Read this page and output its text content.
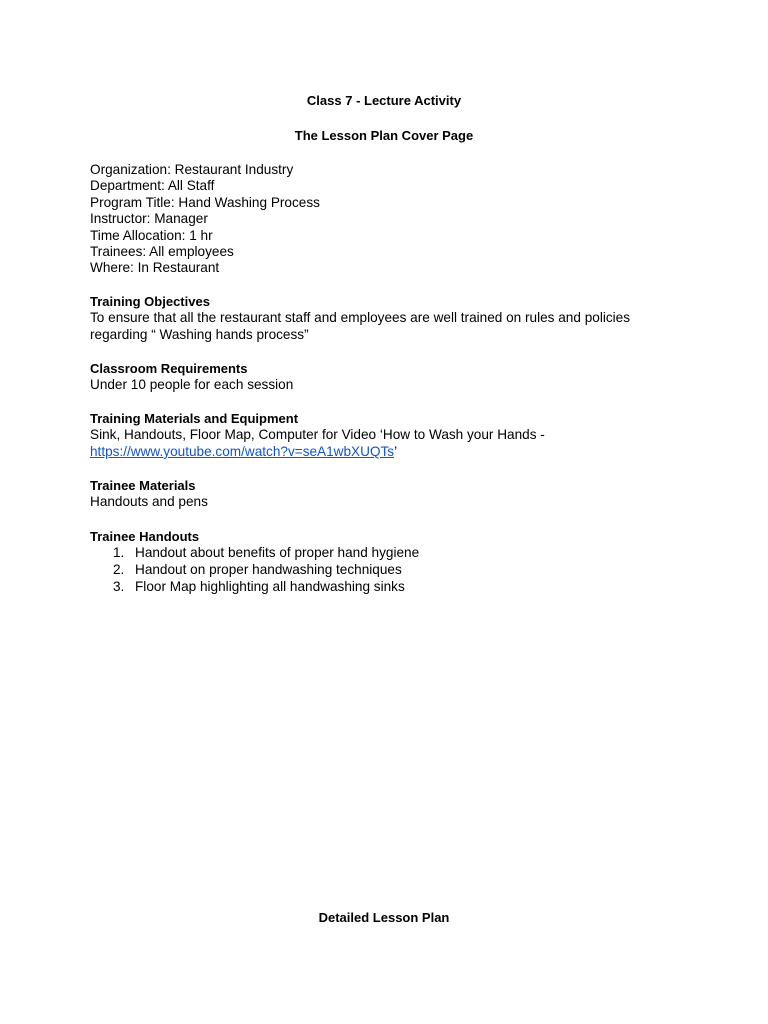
Class 7 - Lecture Activity
The Lesson Plan Cover Page
Organization: Restaurant Industry
Department: All Staff
Program Title: Hand Washing Process
Instructor: Manager
Time Allocation: 1 hr
Trainees: All employees
Where: In Restaurant
Training Objectives
To ensure that all the restaurant staff and employees are well trained on rules and policies
regarding “ Washing hands process”
Classroom Requirements
Under 10 people for each session
Training Materials and Equipment
Sink, Handouts, Floor Map, Computer for Video ‘How to Wash your Hands -
https://www.youtube.com/watch?v=seA1wbXUQTs’
Trainee Materials
Handouts and pens
Trainee Handouts
1. Handout about benefits of proper hand hygiene
2. Handout on proper handwashing techniques
3. Floor Map highlighting all handwashing sinks
Detailed Lesson Plan
